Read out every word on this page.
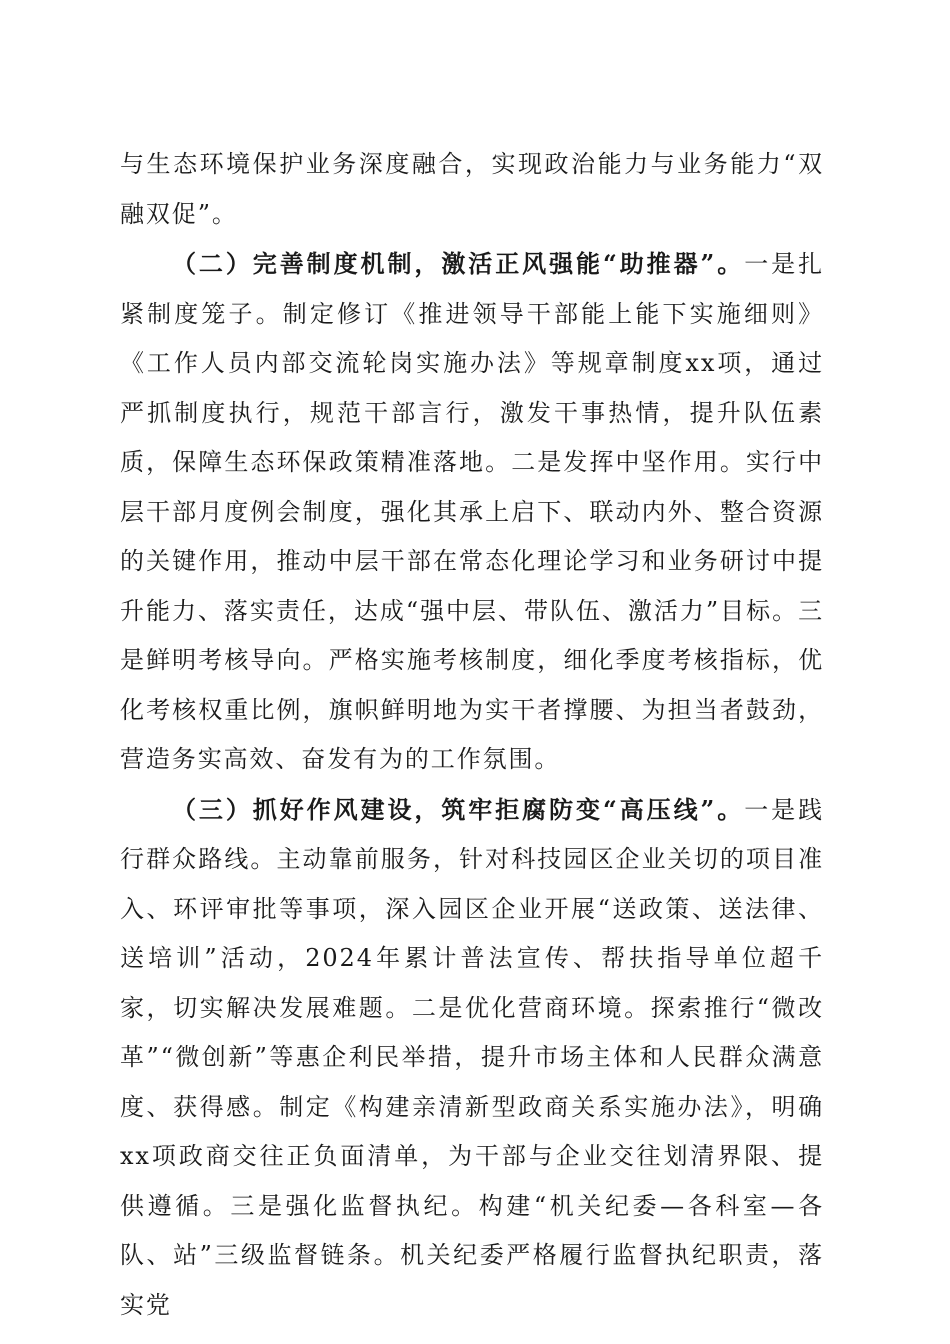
与生态环境保护业务深度融合，实现政治能力与业务能力“双融双促”。

（二）完善制度机制，激活正风强能“助推器”。一是扎紧制度笼子。制定修订《推进领导干部能上能下实施细则》《工作人员内部交流轮岗实施办法》等规章制度xx项，通过严抓制度执行，规范干部言行，激发干事热情，提升队伍素质，保障生态环保政策精准落地。二是发挥中坚作用。实行中层干部月度例会制度，强化其承上启下、联动内外、整合资源的关键作用，推动中层干部在常态化理论学习和业务研讨中提升能力、落实责任，达成“强中层、带队伍、激活力”目标。三是鲜明考核导向。严格实施考核制度，细化季度考核指标，优化考核权重比例，旗帜鲜明地为实干者撑腰、为担当者鼓劲，营造务实高效、奋发有为的工作氛围。

（三）抓好作风建设，筑牢拒腐防变“高压线”。一是践行群众路线。主动靠前服务，针对科技园区企业关切的项目准入、环评审批等事项，深入园区企业开展“送政策、送法律、送培训”活动，2024年累计普法宣传、帮扶指导单位超千家，切实解决发展难题。二是优化营商环境。探索推行“微改革”“微创新”等惠企利民举措，提升市场主体和人民群众满意度、获得感。制定《构建亲清新型政商关系实施办法》，明确xx项政商交往正负面清单，为干部与企业交往划清界限、提供遵循。三是强化监督执纪。构建“机关纪委—各科室—各队、站”三级监督链条。机关纪委严格履行监督执纪职责，落实党
